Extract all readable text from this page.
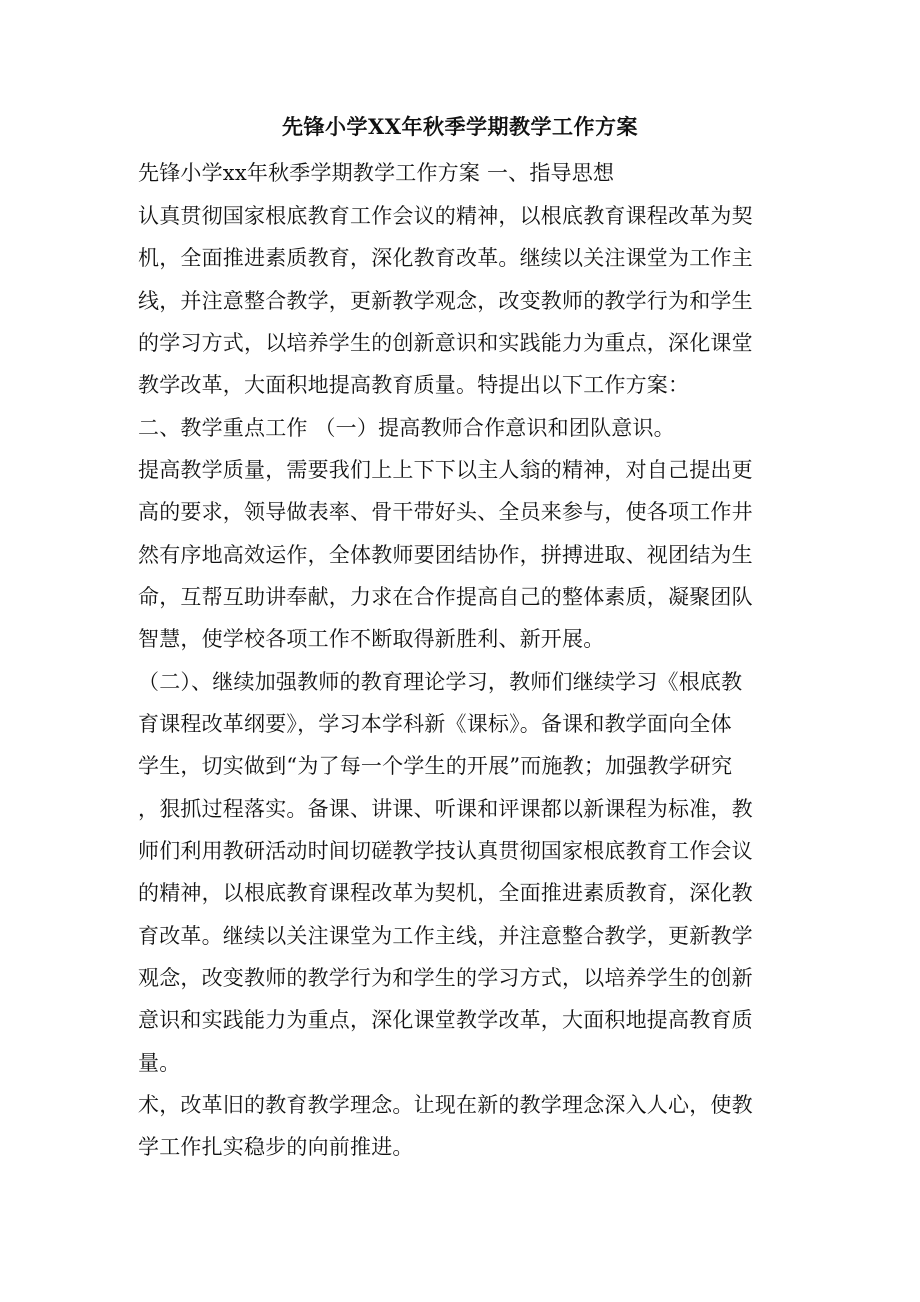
先锋小学XX年秋季学期教学工作方案
先锋小学xx年秋季学期教学工作方案 一、指导思想
认真贯彻国家根底教育工作会议的精神，以根底教育课程改革为契
机，全面推进素质教育，深化教育改革。继续以关注课堂为工作主
线，并注意整合教学，更新教学观念，改变教师的教学行为和学生
的学习方式，以培养学生的创新意识和实践能力为重点，深化课堂
教学改革，大面积地提高教育质量。特提出以下工作方案：
二、教学重点工作 （一）提高教师合作意识和团队意识。
提高教学质量，需要我们上上下下以主人翁的精神，对自己提出更
高的要求，领导做表率、骨干带好头、全员来参与，使各项工作井
然有序地高效运作，全体教师要团结协作，拼搏进取、视团结为生
命，互帮互助讲奉献，力求在合作提高自己的整体素质，凝聚团队
智慧，使学校各项工作不断取得新胜利、新开展。
（二）、继续加强教师的教育理论学习，教师们继续学习《根底教
育课程改革纲要》，学习本学科新《课标》。备课和教学面向全体
学生，切实做到“为了每一个学生的开展”而施教；加强教学研究
，狠抓过程落实。备课、讲课、听课和评课都以新课程为标准，教
师们利用教研活动时间切磋教学技认真贯彻国家根底教育工作会议
的精神，以根底教育课程改革为契机，全面推进素质教育，深化教
育改革。继续以关注课堂为工作主线，并注意整合教学，更新教学
观念，改变教师的教学行为和学生的学习方式，以培养学生的创新
意识和实践能力为重点，深化课堂教学改革，大面积地提高教育质
量。
术，改革旧的教育教学理念。让现在新的教学理念深入人心，使教
学工作扎实稳步的向前推进。
